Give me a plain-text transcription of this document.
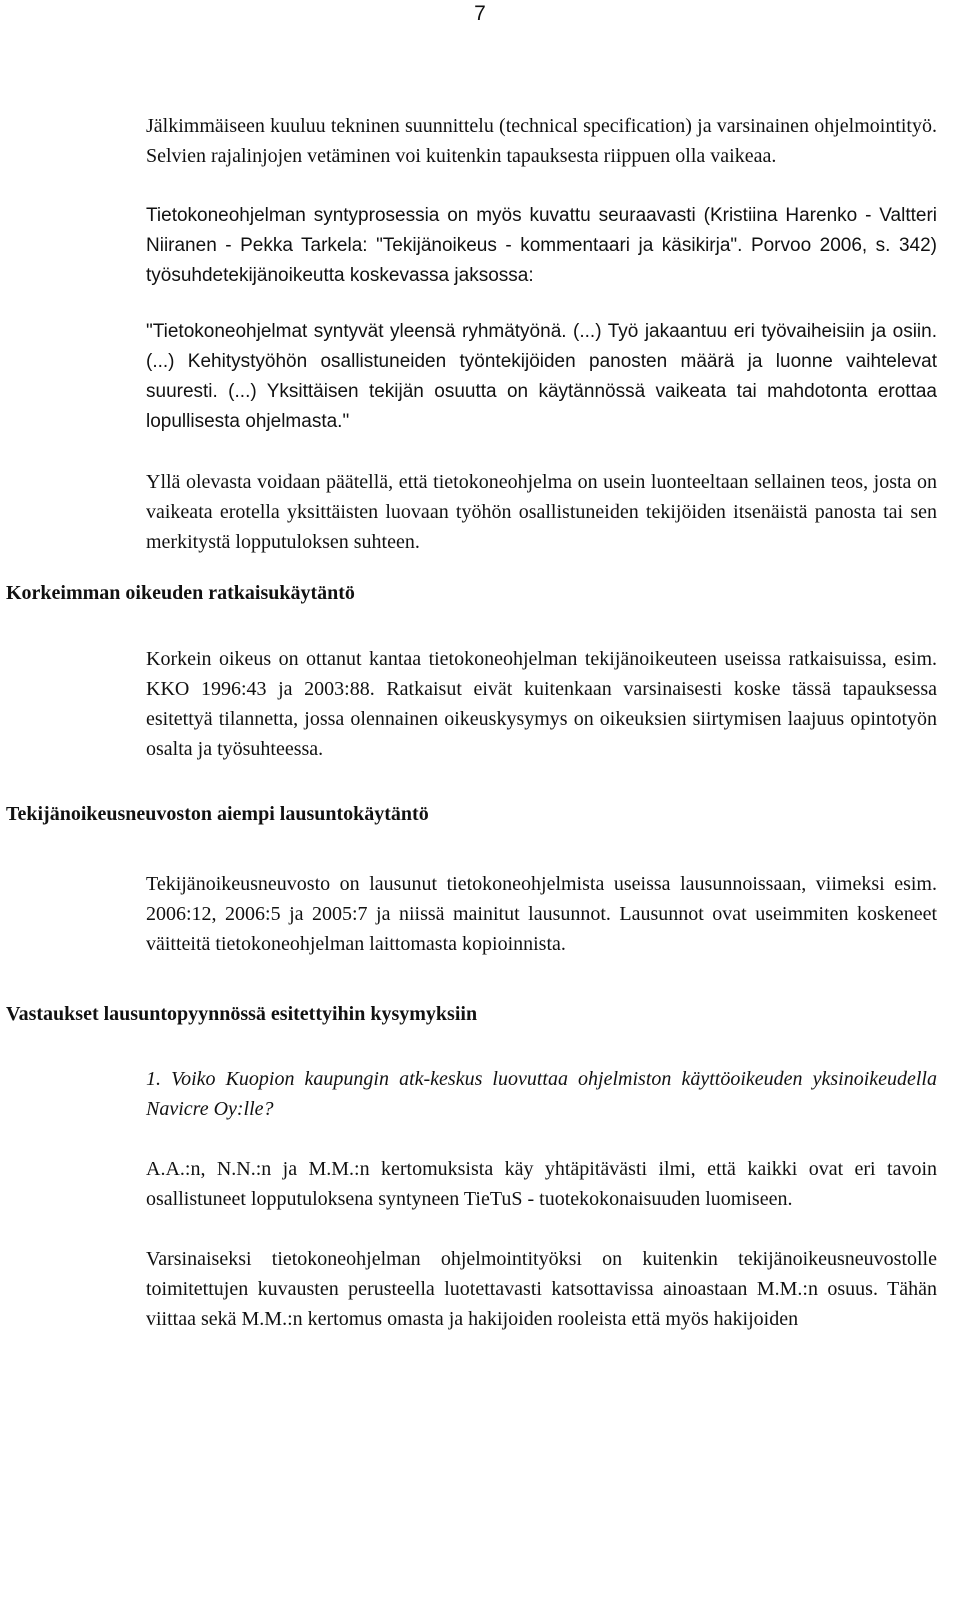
7

Jälkimmäiseen kuuluu tekninen suunnittelu (technical specification) ja varsinainen ohjelmointityö. Selvien rajalinjojen vetäminen voi kuitenkin tapauksesta riippuen olla vaikeaa.

Tietokoneohjelman syntyprosessia on myös kuvattu seuraavasti (Kristiina Harenko - Valtteri Niiranen - Pekka Tarkela: "Tekijänoikeus - kommentaari ja käsikirja". Porvoo 2006, s. 342) työsuhdetekijänoikeutta koskevassa jaksossa:

"Tietokoneohjelmat syntyvät yleensä ryhmätyönä. (...) Työ jakaantuu eri työvaiheisiin ja osiin. (...) Kehitystyöhön osallistuneiden työntekijöiden panosten määrä ja luonne vaihtelevat suuresti. (...) Yksittäisen tekijän osuutta on käytännössä vaikeata tai mahdotonta erottaa lopullisesta ohjelmasta."

Yllä olevasta voidaan päätellä, että tietokoneohjelma on usein luonteeltaan sellainen teos, josta on vaikeata erotella yksittäisten luovaan työhön osallistuneiden tekijöiden itsenäistä panosta tai sen merkitystä lopputuloksen suhteen.

Korkeimman oikeuden ratkaisukäytäntö

Korkein oikeus on ottanut kantaa tietokoneohjelman tekijänoikeuteen useissa ratkaisuissa, esim. KKO 1996:43 ja 2003:88. Ratkaisut eivät kuitenkaan varsinaisesti koske tässä tapauksessa esitettyä tilannetta, jossa olennainen oikeuskysymys on oikeuksien siirtymisen laajuus opintotyön osalta ja työsuhteessa.

Tekijänoikeusneuvoston aiempi lausuntokäytäntö

Tekijänoikeusneuvosto on lausunut tietokoneohjelmista useissa lausunnoissaan, viimeksi esim. 2006:12, 2006:5 ja 2005:7 ja niissä mainitut lausunnot. Lausunnot ovat useimmiten koskeneet väitteitä tietokoneohjelman laittomasta kopioinnista.

Vastaukset lausuntopyynnössä esitettyihin kysymyksiin

1. Voiko Kuopion kaupungin atk-keskus luovuttaa ohjelmiston käyttöoikeuden yksinoikeudella Navicre Oy:lle?

A.A.:n, N.N.:n ja M.M.:n kertomuksista käy yhtäpitävästi ilmi, että kaikki ovat eri tavoin osallistuneet lopputuloksena syntyneen TieTuS - tuotekokonaisuuden luomiseen.

Varsinaiseksi tietokoneohjelman ohjelmointityöksi on kuitenkin tekijänoikeusneuvostolle toimitettujen kuvausten perusteella luotettavasti katsottavissa ainoastaan M.M.:n osuus. Tähän viittaa sekä M.M.:n kertomus omasta ja hakijoiden rooleista että myös hakijoiden
